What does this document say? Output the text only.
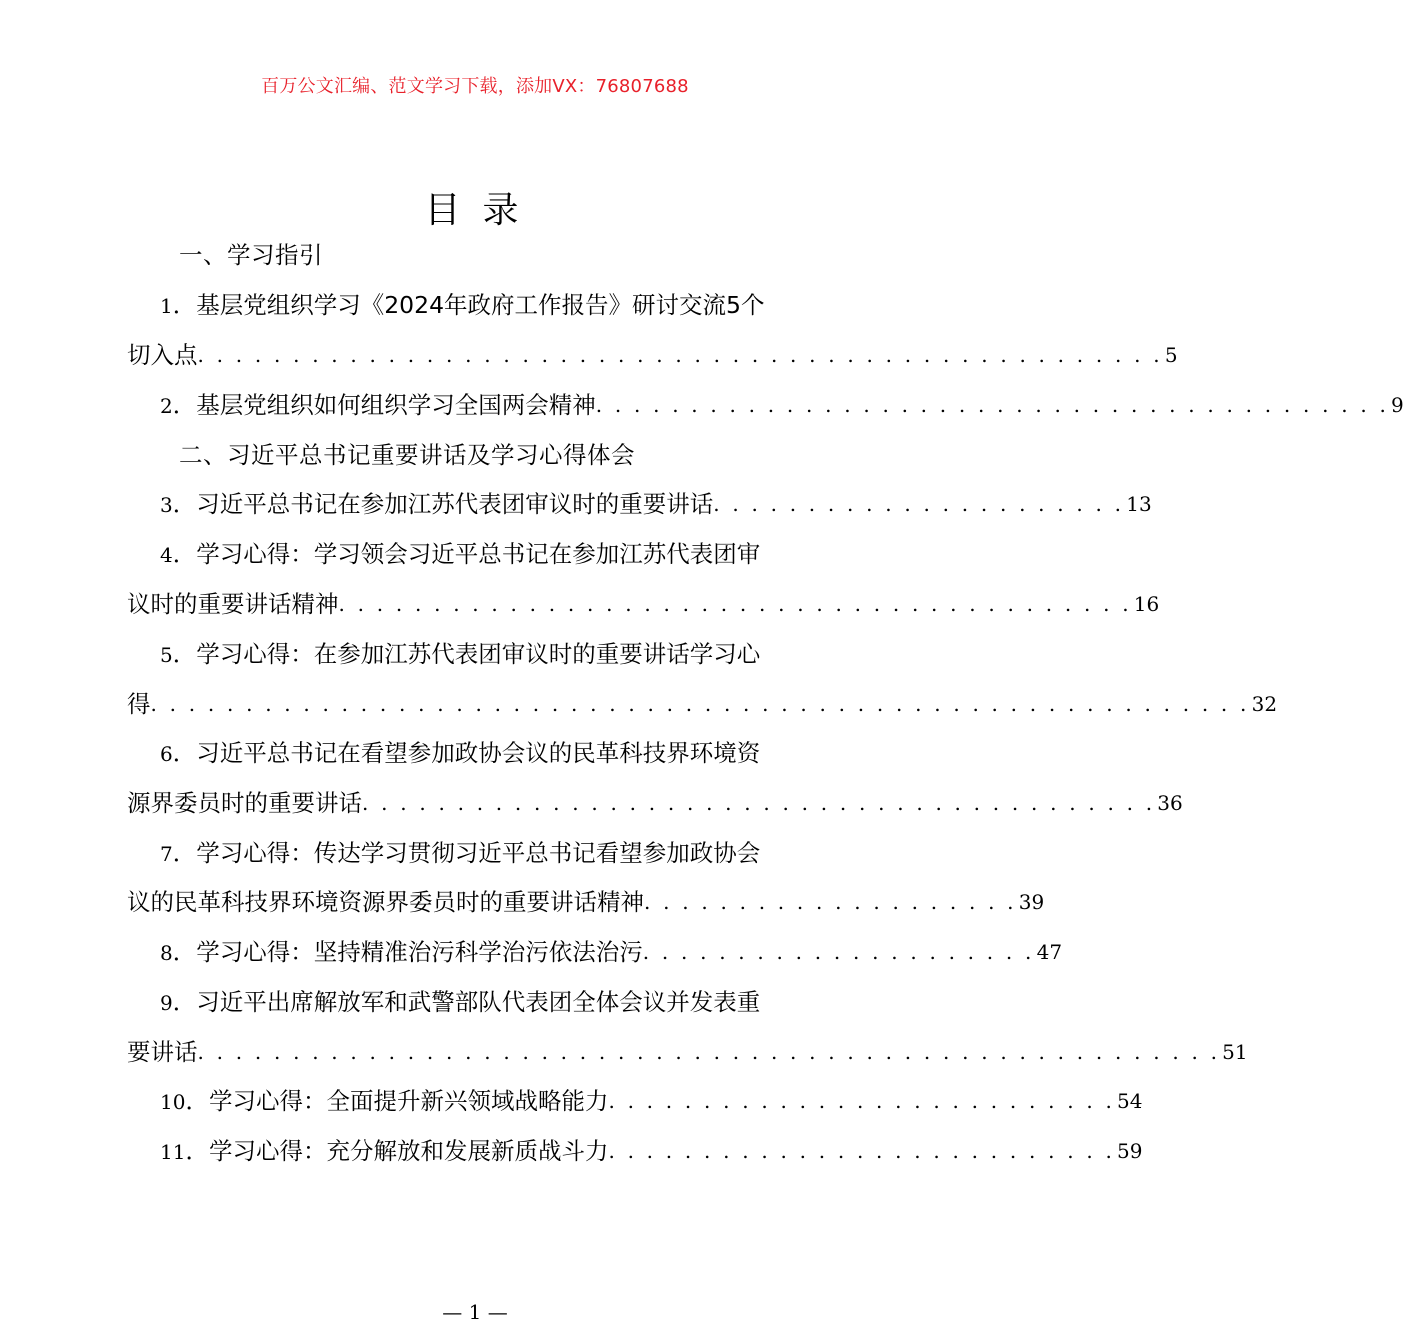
百万公文汇编、范文学习下载，添加VX：76807688
目录
一、学习指引
1．基层党组织学习《2024年政府工作报告》研讨交流5个
切入点 . . . . . . . . . . . . . . . . . . . . . . . . . . . . . . . . . . . . . . . . . . . . . . . . . . . 5
2．基层党组织如何组织学习全国两会精神 . . . . . . . . . . . . . . . . . . . . . . . . . . . . . . . . . . . . . . . . . . 9
二、习近平总书记重要讲话及学习心得体会
3．习近平总书记在参加江苏代表团审议时的重要讲话 . . . . . . . . . . . . . . . . . . . . . . 13
4．学习心得：学习领会习近平总书记在参加江苏代表团审
议时的重要讲话精神 . . . . . . . . . . . . . . . . . . . . . . . . . . . . . . . . . . . . . . . . . . 16
5．学习心得：在参加江苏代表团审议时的重要讲话学习心
得 . . . . . . . . . . . . . . . . . . . . . . . . . . . . . . . . . . . . . . . . . . . . . . . . . . . . . . . . . . 32
6．习近平总书记在看望参加政协会议的民革科技界环境资
源界委员时的重要讲话 . . . . . . . . . . . . . . . . . . . . . . . . . . . . . . . . . . . . . . . . . . 36
7．学习心得：传达学习贯彻习近平总书记看望参加政协会
议的民革科技界环境资源界委员时的重要讲话精神 . . . . . . . . . . . . . . . . . . . . 39
8．学习心得：坚持精准治污科学治污依法治污 . . . . . . . . . . . . . . . . . . . . . 47
9．习近平出席解放军和武警部队代表团全体会议并发表重
要讲话 . . . . . . . . . . . . . . . . . . . . . . . . . . . . . . . . . . . . . . . . . . . . . . . . . . . . . . 51
10．学习心得：全面提升新兴领域战略能力 . . . . . . . . . . . . . . . . . . . . . . . . . . . 54
11．学习心得：充分解放和发展新质战斗力 . . . . . . . . . . . . . . . . . . . . . . . . . . . 59
— 1 —
